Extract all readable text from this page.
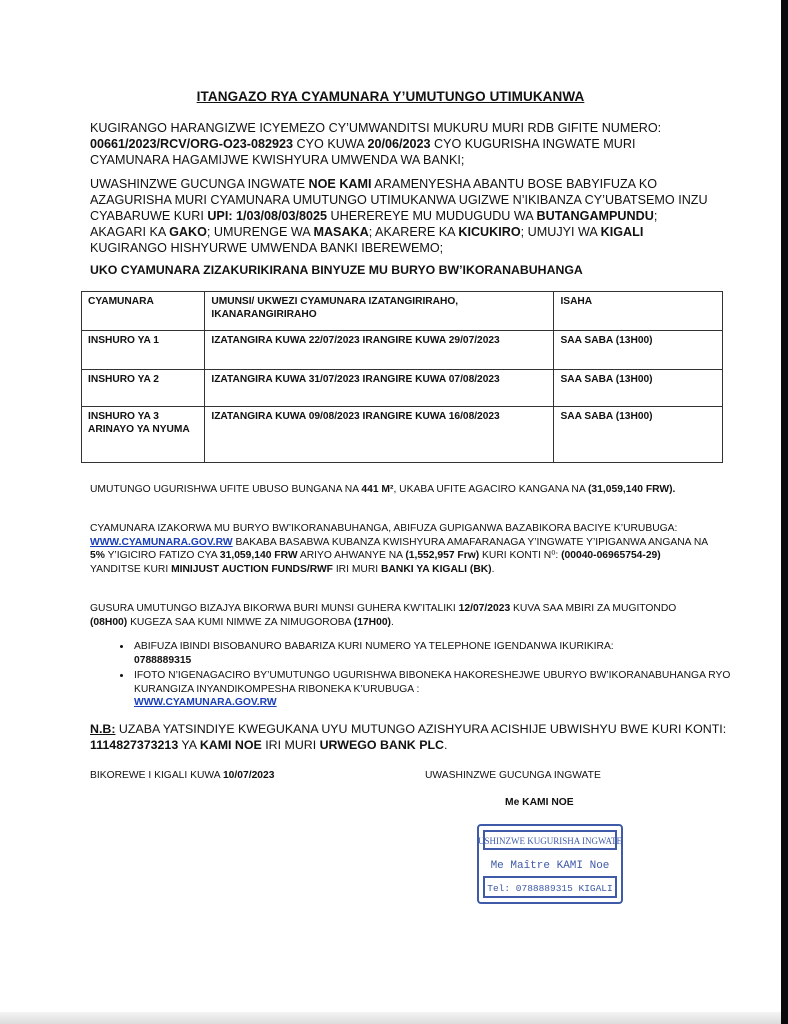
ITANGAZO RYA CYAMUNARA Y’UMUTUNGO UTIMUKANWA
KUGIRANGO HARANGIZWE ICYEMEZO CY’UMWANDITSI MUKURU MURI RDB GIFITE NUMERO:
00661/2023/RCV/ORG-O23-082923 CYO KUWA 20/06/2023 CYO KUGURISHA INGWATE MURI CYAMUNARA HAGAMIJWE KWISHYURA UMWENDA WA BANKI;
UWASHINZWE GUCUNGA INGWATE NOE KAMI ARAMENYESHA ABANTU BOSE BABYIFUZA KO AZAGURISHA MURI CYAMUNARA UMUTUNGO UTIMUKANWA UGIZWE N’IKIBANZA CY’UBATSEMO INZU CYABARUWE KURI UPI: 1/03/08/03/8025 UHEREREYE MU MUDUGUDU WA BUTANGAMPUNDU; AKAGARI KA GAKO; UMURENGE WA MASAKA; AKARERE KA KICUKIRO; UMUJYI WA KIGALI KUGIRANGO HISHYURWE UMWENDA BANKI IBEREWEMO;
UKO CYAMUNARA ZIZAKURIKIRANA BINYUZE MU BURYO BW’IKORANABUHANGA
CYAMUNARA	UMUNSI/ UKWEZI CYAMUNARA IZATANGIRIRAHO, IKANARANGIRIRAHO	ISAHA
INSHURO YA 1	IZATANGIRA KUWA 22/07/2023 IRANGIRE KUWA 29/07/2023	SAA SABA (13H00)
INSHURO YA 2	IZATANGIRA KUWA 31/07/2023 IRANGIRE KUWA 07/08/2023	SAA SABA (13H00)
INSHURO YA 3 ARINAYO YA NYUMA	IZATANGIRA KUWA 09/08/2023 IRANGIRE KUWA 16/08/2023	SAA SABA (13H00)
UMUTUNGO UGURISHWA UFITE UBUSO BUNGANA NA 441 M², UKABA UFITE AGACIRO KANGANA NA (31,059,140 FRW).
CYAMUNARA IZAKORWA MU BURYO BW’IKORANABUHANGA, ABIFUZA GUPIGANWA BAZABIKORA BACIYE K’URUBUGA: WWW.CYAMUNARA.GOV.RW BAKABA BASABWA KUBANZA KWISHYURA AMAFARANAGA Y’INGWATE Y’IPIGANWA ANGANA NA 5% Y’IGICIRO FATIZO CYA 31,059,140 FRW ARIYO AHWANYE NA (1,552,957 Frw) KURI KONTI N⁰: (00040-06965754-29) YANDITSE KURI MINIJUST AUCTION FUNDS/RWF IRI MURI BANKI YA KIGALI (BK).
GUSURA UMUTUNGO BIZAJYA BIKORWA BURI MUNSI GUHERA KW’ITALIKI 12/07/2023 KUVA SAA MBIRI ZA MUGITONDO (08H00) KUGEZA SAA KUMI NIMWE ZA NIMUGOROBA (17H00).
• ABIFUZA IBINDI BISOBANURO BABARIZA KURI NUMERO YA TELEPHONE IGENDANWA IKURIKIRA:
0788889315
• IFOTO N’IGENAGACIRO BY’UMUTUNGO UGURISHWA BIBONEKA HAKORESHEJWE UBURYO BW’IKORANABUHANGA RYO KURANGIZA INYANDIKOMPESHA RIBONEKA K’URUBUGA :
WWW.CYAMUNARA.GOV.RW
N.B: UZABA YATSINDIYE KWEGUKANA UYU MUTUNGO AZISHYURA ACISHIJE UBWISHYU BWE KURI KONTI: 1114827373213 YA KAMI NOE IRI MURI URWEGO BANK PLC.
BIKOREWE I KIGALI KUWA 10/07/2023	UWASHINZWE GUCUNGA INGWATE
Me KAMI NOE
USHINZWE KUGURISHA INGWATE
Me Maître KAMI Noe
Tel: 0788889315 KIGALI
